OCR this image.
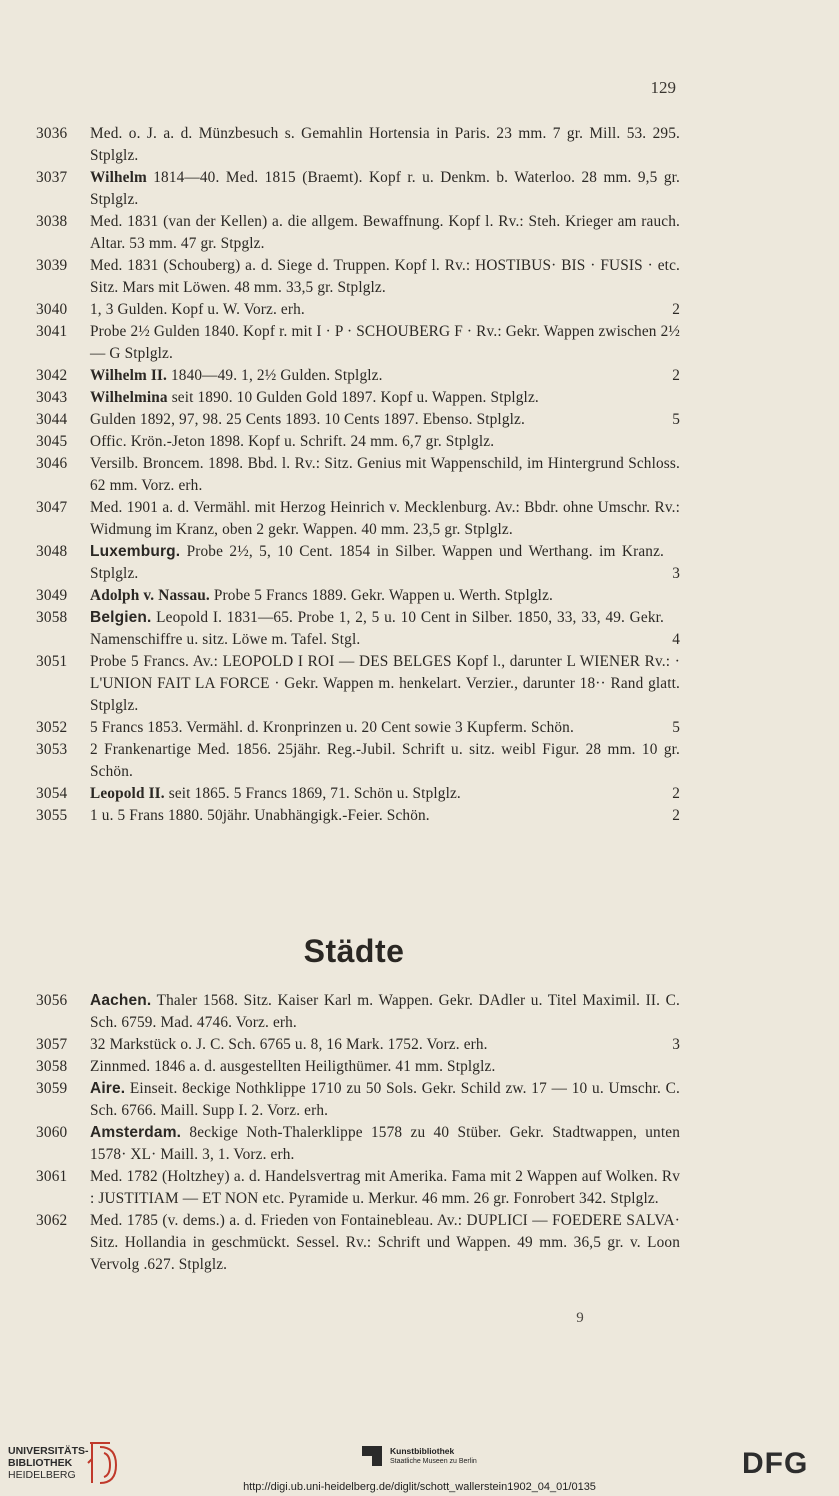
129
3036	Med. o. J. a. d. Münzbesuch s. Gemahlin Hortensia in Paris. 23 mm. 7 gr. Mill. 53. 295. Stplglz.
3037	Wilhelm 1814—40. Med. 1815 (Braemt). Kopf r. u. Denkm. b. Waterloo. 28 mm. 9,5 gr. Stplglz.
3038	Med. 1831 (van der Kellen) a. die allgem. Bewaffnung. Kopf l. Rv.: Steh. Krieger am rauch. Altar. 53 mm. 47 gr. Stpglz.
3039	Med. 1831 (Schouberg) a. d. Siege d. Truppen. Kopf l. Rv.: HOSTIBUS· BIS · FUSIS · etc. Sitz. Mars mit Löwen. 48 mm. 33,5 gr. Stplglz.
3040	1, 3 Gulden. Kopf u. W. Vorz. erh.	2
3041	Probe 2½ Gulden 1840. Kopf r. mit I · P · SCHOUBERG F · Rv.: Gekr. Wappen zwischen 2½ — G Stplglz.
3042	Wilhelm II. 1840—49. 1, 2½ Gulden. Stplglz.	2
3043	Wilhelmina seit 1890. 10 Gulden Gold 1897. Kopf u. Wappen. Stplglz.
3044	Gulden 1892, 97, 98. 25 Cents 1893. 10 Cents 1897. Ebenso. Stplglz.	5
3045	Offic. Krön.-Jeton 1898. Kopf u. Schrift. 24 mm. 6,7 gr. Stplglz.
3046	Versilb. Broncem. 1898. Bbd. l. Rv.: Sitz. Genius mit Wappenschild, im Hintergrund Schloss. 62 mm. Vorz. erh.
3047	Med. 1901 a. d. Vermähl. mit Herzog Heinrich v. Mecklenburg. Av.: Bbdr. ohne Umschr. Rv.: Widmung im Kranz, oben 2 gekr. Wappen. 40 mm. 23,5 gr. Stplglz.
3048	Luxemburg. Probe 2½, 5, 10 Cent. 1854 in Silber. Wappen und Werthang. im Kranz. Stplglz.	3
3049	Adolph v. Nassau. Probe 5 Francs 1889. Gekr. Wappen u. Werth. Stplglz.
3058	Belgien. Leopold I. 1831—65. Probe 1, 2, 5 u. 10 Cent in Silber. 1850, 33, 33, 49. Gekr. Namenschiffre u. sitz. Löwe m. Tafel. Stgl.	4
3051	Probe 5 Francs. Av.: LEOPOLD I ROI — DES BELGES Kopf l., darunter L WIENER Rv.: · L'UNION FAIT LA FORCE · Gekr. Wappen m. henkelart. Verzier., darunter 18·· Rand glatt. Stplglz.
3052	5 Francs 1853. Vermähl. d. Kronprinzen u. 20 Cent sowie 3 Kupferm. Schön.	5
3053	2 Frankenartige Med. 1856. 25jähr. Reg.-Jubil. Schrift u. sitz. weibl Figur. 28 mm. 10 gr. Schön.
3054	Leopold II. seit 1865. 5 Francs 1869, 71. Schön u. Stplglz.	2
3055	1 u. 5 Frans 1880. 50jähr. Unabhängigk.-Feier. Schön.	2
Städte
3056	Aachen. Thaler 1568. Sitz. Kaiser Karl m. Wappen. Gekr. DAdler u. Titel Maximil. II. C. Sch. 6759. Mad. 4746. Vorz. erh.
3057	32 Markstück o. J. C. Sch. 6765 u. 8, 16 Mark. 1752. Vorz. erh.	3
3058	Zinnmed. 1846 a. d. ausgestellten Heiligthümer. 41 mm. Stplglz.
3059	Aire. Einseit. 8eckige Nothklippe 1710 zu 50 Sols. Gekr. Schild zw. 17 — 10 u. Umschr. C. Sch. 6766. Maill. Supp I. 2. Vorz. erh.
3060	Amsterdam. 8eckige Noth-Thalerklippe 1578 zu 40 Stüber. Gekr. Stadtwappen, unten 1578· XL· Maill. 3, 1. Vorz. erh.
3061	Med. 1782 (Holtzhey) a. d. Handelsvertrag mit Amerika. Fama mit 2 Wappen auf Wolken. Rv : JUSTITIAM — ET NON etc. Pyramide u. Merkur. 46 mm. 26 gr. Fonrobert 342. Stplglz.
3062	Med. 1785 (v. dems.) a. d. Frieden von Fontainebleau. Av.: DUPLICI — FOEDERE SALVA· Sitz. Hollandia in geschmückt. Sessel. Rv.: Schrift und Wappen. 49 mm. 36,5 gr. v. Loon Vervolg .627. Stplglz.
9
UNIVERSITÄTS-
BIBLIOTHEK
HEIDELBERG
Kunstbibliothek
Staatliche Museen zu Berlin	DFG
http://digi.ub.uni-heidelberg.de/diglit/schott_wallerstein1902_04_01/0135
